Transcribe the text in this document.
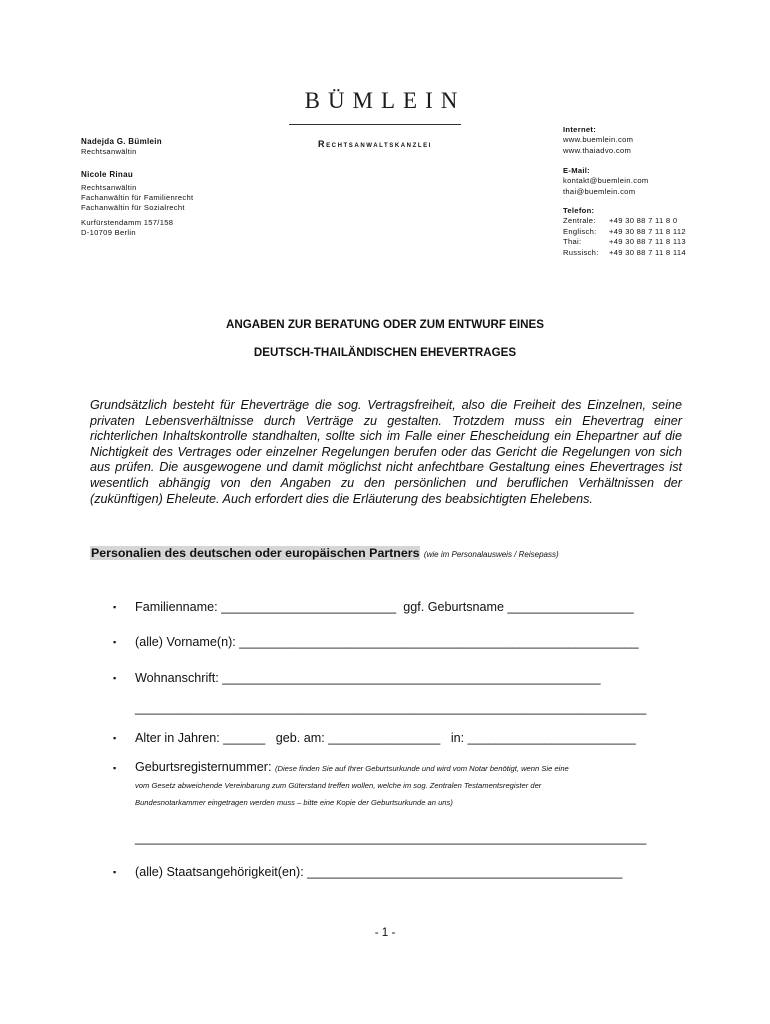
BÜMLEIN
Rechtsanwaltskanzlei
Nadejda G. Bümlein
Rechtsanwältin
Nicole Rinau
Rechtsanwältin
Fachanwältin für Familienrecht
Fachanwältin für Sozialrecht
Kurfürstendamm 157/158
D-10709 Berlin
Internet:
www.buemlein.com
www.thaiadvo.com
E-Mail:
kontakt@buemlein.com
thai@buemlein.com
Telefon:
Zentrale:	+49 30 88 7 11 8 0
Englisch:	+49 30 88 7 11 8 112
Thai:	+49 30 88 7 11 8 113
Russisch:	+49 30 88 7 11 8 114
ANGABEN ZUR BERATUNG ODER ZUM ENTWURF EINES
DEUTSCH-THAILÄNDISCHEN EHEVERTRAGES
Grundsätzlich besteht für Eheverträge die sog. Vertragsfreiheit, also die Freiheit des Einzelnen, seine privaten Lebensverhältnisse durch Verträge zu gestalten. Trotzdem muss ein Ehevertrag einer richterlichen Inhaltskontrolle standhalten, sollte sich im Falle einer Ehescheidung ein Ehepartner auf die Nichtigkeit des Vertrages oder einzelner Regelungen berufen oder das Gericht die Regelungen von sich aus prüfen. Die ausgewogene und damit möglichst nicht anfechtbare Gestaltung eines Ehevertrages ist wesentlich abhängig von den Angaben zu den persönlichen und beruflichen Verhältnissen der (zukünftigen) Eheleute. Auch erfordert dies die Erläuterung des beabsichtigten Ehelebens.
Personalien des deutschen oder europäischen Partners (wie im Personalausweis / Reisepass)
▪ Familienname: _________________________ ggf. Geburtsname __________________
▪ (alle) Vorname(n): _________________________________________________________
▪ Wohnanschrift: ______________________________________________________
_________________________________________________________________________
▪ Alter in Jahren: ______ geb. am: ________________ in: ________________________
▪ Geburtsregisternummer: (Diese finden Sie auf Ihrer Geburtsurkunde und wird vom Notar benötigt, wenn Sie eine
vom Gesetz abweichende Vereinbarung zum Güterstand treffen wollen, welche im sog. Zentralen Testamentsregister der
Bundesnotarkammer eingetragen werden muss – bitte eine Kopie der Geburtsurkunde an uns)
_________________________________________________________________________
▪ (alle) Staatsangehörigkeit(en): _____________________________________________
- 1 -
